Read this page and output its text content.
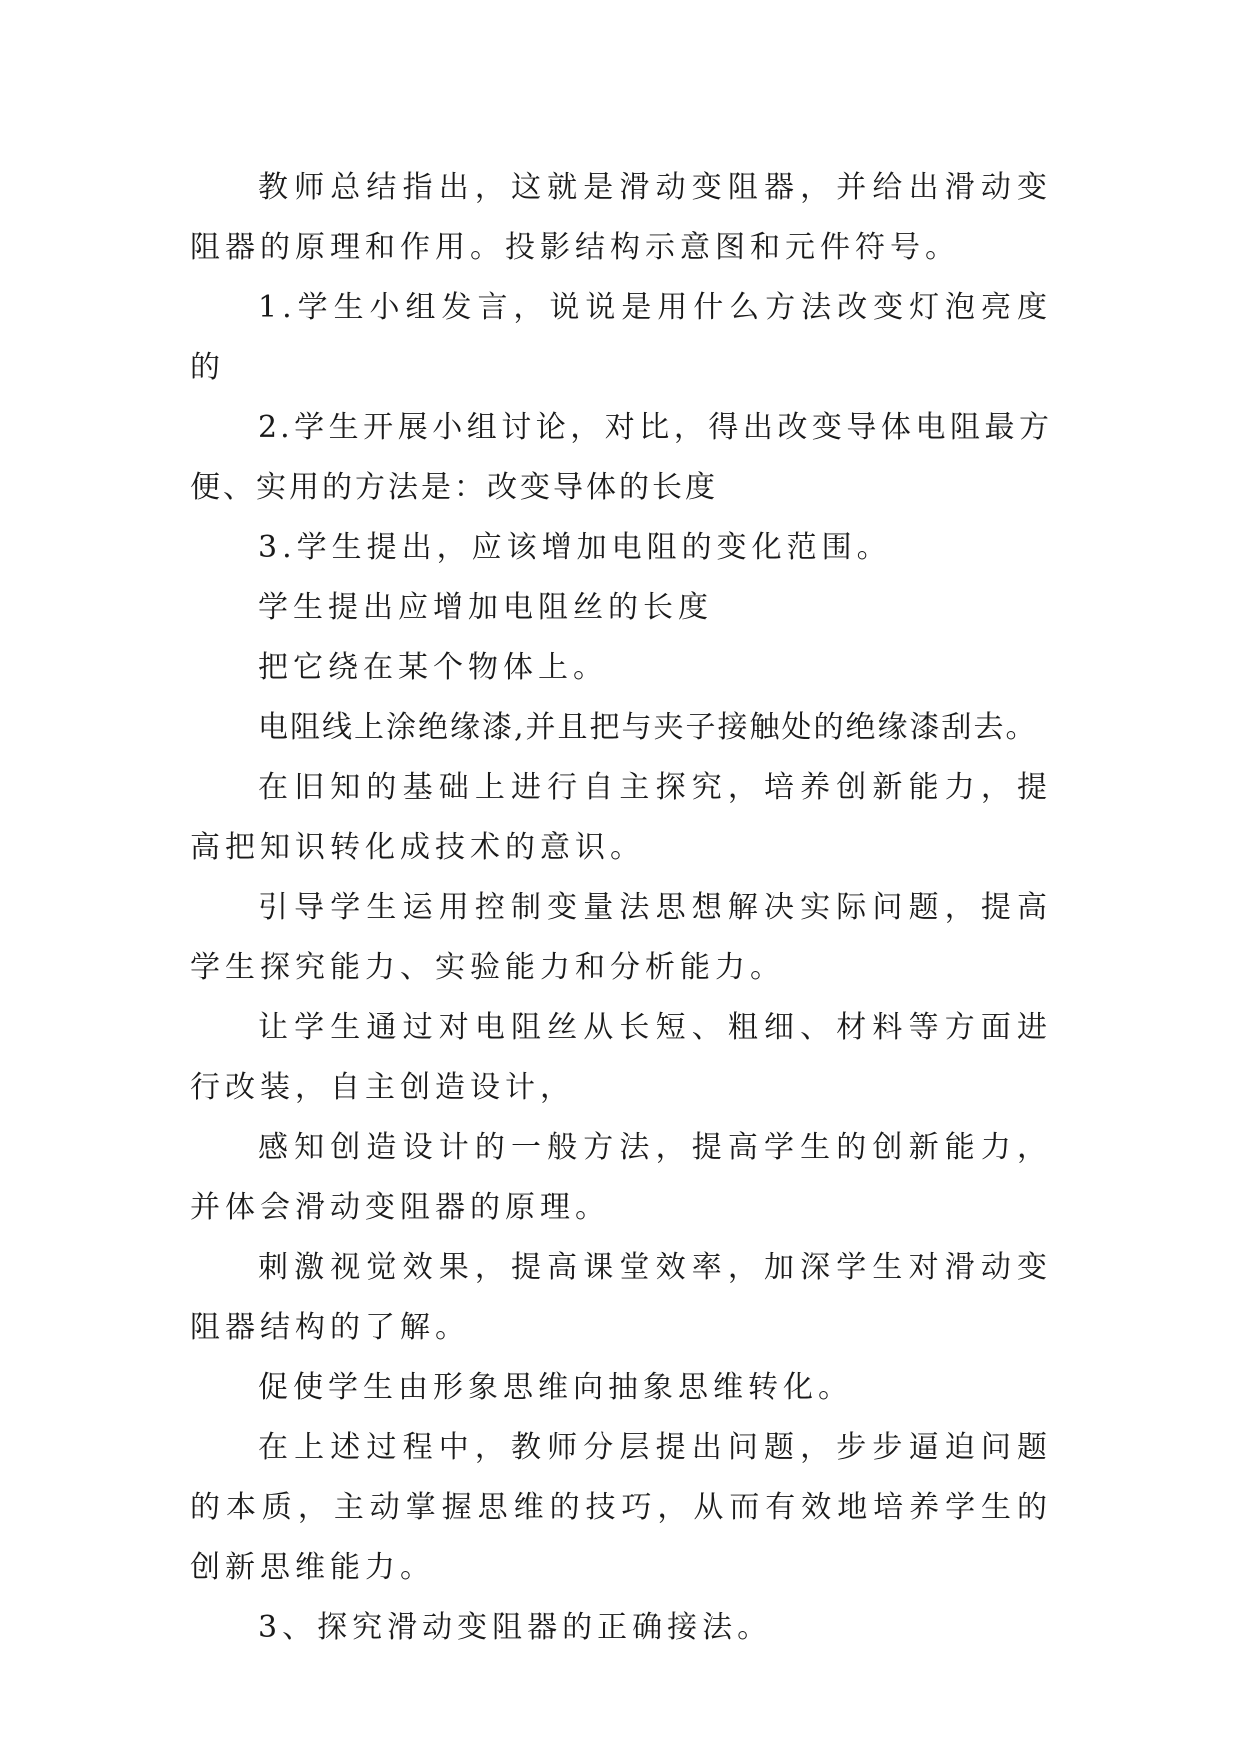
教师总结指出，这就是滑动变阻器，并给出滑动变阻器的原理和作用。投影结构示意图和元件符号。

1.学生小组发言，说说是用什么方法改变灯泡亮度的

2.学生开展小组讨论，对比，得出改变导体电阻最方便、实用的方法是：改变导体的长度

3.学生提出，应该增加电阻的变化范围。

学生提出应增加电阻丝的长度

把它绕在某个物体上。

电阻线上涂绝缘漆,并且把与夹子接触处的绝缘漆刮去。

在旧知的基础上进行自主探究，培养创新能力，提高把知识转化成技术的意识。

引导学生运用控制变量法思想解决实际问题，提高学生探究能力、实验能力和分析能力。

让学生通过对电阻丝从长短、粗细、材料等方面进行改装，自主创造设计，

感知创造设计的一般方法，提高学生的创新能力，并体会滑动变阻器的原理。

刺激视觉效果，提高课堂效率，加深学生对滑动变阻器结构的了解。

促使学生由形象思维向抽象思维转化。

在上述过程中，教师分层提出问题，步步逼迫问题的本质，主动掌握思维的技巧，从而有效地培养学生的创新思维能力。

3、探究滑动变阻器的正确接法。
